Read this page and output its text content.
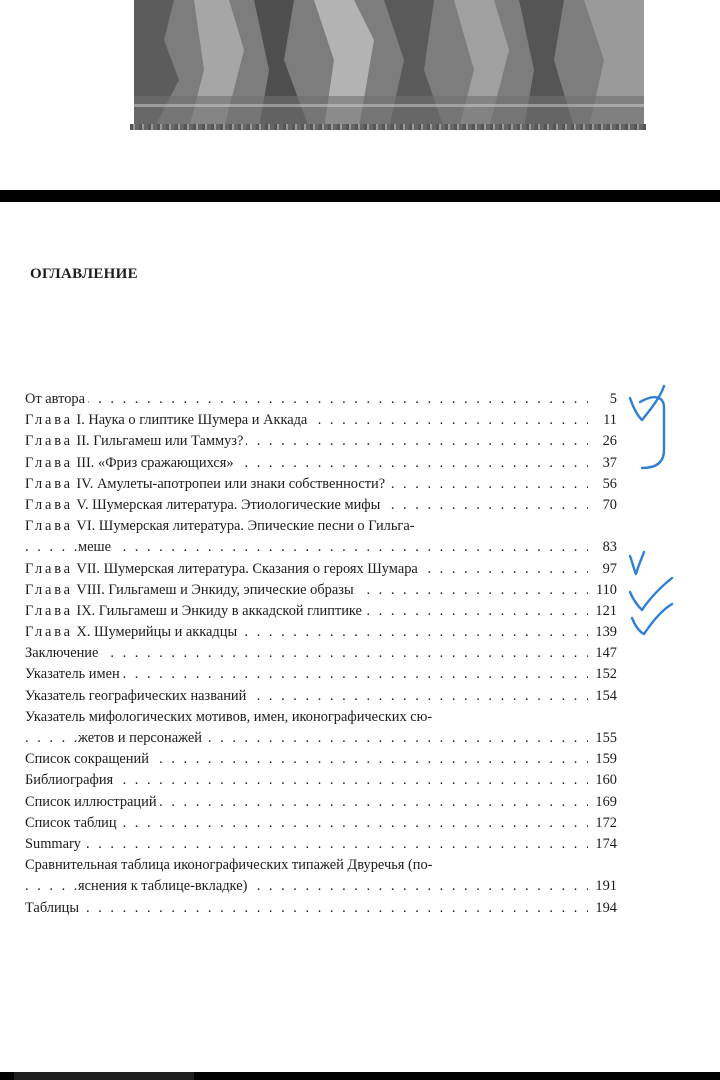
ОГЛАВЛЕНИЕ
. . .
От автора	5
. . .
Глава I. Наука о глиптике Шумера и Аккада	11
. . .
Глава II. Гильгамеш или Таммуз?	26
. . .
Глава III. «Фриз сражающихся»	37
. . .
Глава IV. Амулеты-апотропеи или знаки собственности?	56
. . .
Глава V. Шумерская литература. Этиологические мифы	70
Глава VI. Шумерская литература. Эпические песни о Гильга-
. . .
меше	83
. . .
Глава VII. Шумерская литература. Сказания о героях Шумара	97
. . .
Глава VIII. Гильгамеш и Энкиду, эпические образы	110
. . .
Глава IX. Гильгамеш и Энкиду в аккадской глиптике	121
. . .
Глава X. Шумерийцы и аккадцы	139
. . .
Заключение	147
. . .
Указатель имен	152
. . .
Указатель географических названий	154
Указатель мифологических мотивов, имен, иконографических сю-
. . .
жетов и персонажей	155
. . .
Список сокращений	159
. . .
Библиография	160
. . .
Список иллюстраций	169
. . .
Список таблиц	172
. . .
Summary	174
Сравнительная таблица иконографических типажей Двуречья (по-
. . .
яснения к таблице-вкладке)	191
. . .
Таблицы	194
